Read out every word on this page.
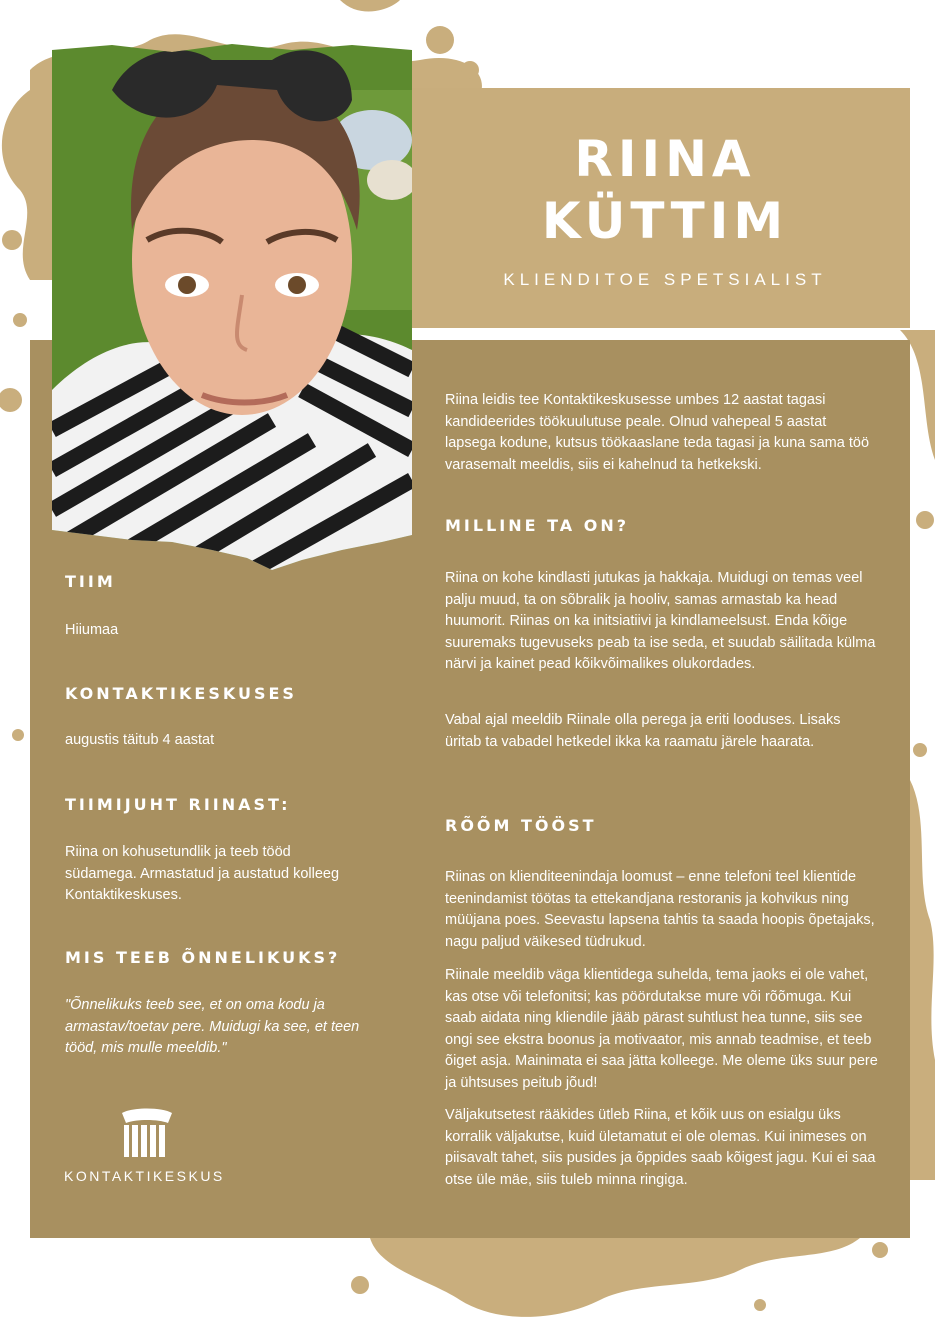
RIINA
KÜTTIM
KLIENDITOE SPETSIALIST
TIIM
Hiiumaa
KONTAKTIKESKUSES
augustis täitub 4 aastat
TIIMIJUHT RIINAST:
Riina on kohusetundlik ja teeb tööd südamega. Armastatud ja austatud kolleeg Kontaktikeskuses.
MIS TEEB ÕNNELIKUKS?
"Õnnelikuks teeb see, et on oma kodu ja armastav/toetav pere. Muidugi ka see, et teen tööd, mis mulle meeldib."
KONTAKTIKESKUS
Riina leidis tee Kontaktikeskusesse umbes 12 aastat tagasi kandideerides töökuulutuse peale. Olnud vahepeal 5 aastat lapsega kodune, kutsus töökaaslane teda tagasi ja kuna sama töö varasemalt meeldis, siis ei kahelnud ta hetkekski.
MILLINE TA ON?
Riina on kohe kindlasti jutukas ja hakkaja. Muidugi on temas veel palju muud, ta on sõbralik ja hooliv, samas armastab ka head huumorit. Riinas on ka initsiatiivi ja kindlameelsust. Enda kõige suuremaks tugevuseks peab ta ise seda, et suudab säilitada külma närvi ja kainet pead kõikvõimalikes olukordades.
Vabal ajal meeldib Riinale olla perega ja eriti looduses. Lisaks üritab ta vabadel hetkedel ikka ka raamatu järele haarata.
RÕÕM TÖÖST
Riinas on klienditeenindaja loomust – enne telefoni teel klientide teenindamist töötas ta ettekandjana restoranis ja kohvikus ning müüjana poes. Seevastu lapsena tahtis ta saada hoopis õpetajaks, nagu paljud väikesed tüdrukud.
Riinale meeldib väga klientidega suhelda, tema jaoks ei ole vahet, kas otse või telefonitsi; kas pöördutakse mure või rõõmuga. Kui saab aidata ning kliendile jääb pärast suhtlust hea tunne, siis see ongi see ekstra boonus ja motivaator, mis annab teadmise, et teeb õiget asja. Mainimata ei saa jätta kolleege. Me oleme üks suur pere ja ühtsuses peitub jõud!
Väljakutsetest rääkides ütleb Riina, et kõik uus on esialgu üks korralik väljakutse, kuid ületamatut ei ole olemas. Kui inimeses on piisavalt tahet, siis pusides ja õppides saab kõigest jagu. Kui ei saa otse üle mäe, siis tuleb minna ringiga.
